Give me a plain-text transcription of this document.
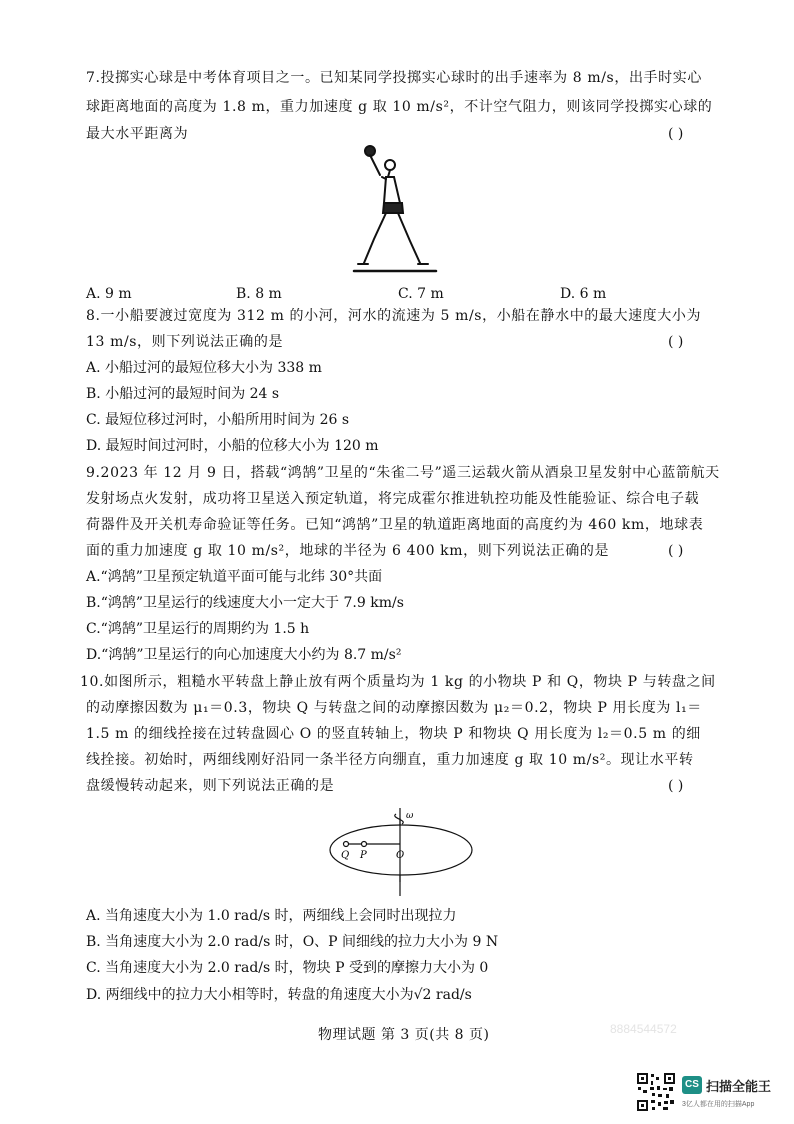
7.投掷实心球是中考体育项目之一。已知某同学投掷实心球时的出手速率为 8 m/s，出手时实心
球距离地面的高度为 1.8 m，重力加速度 g 取 10 m/s²，不计空气阻力，则该同学投掷实心球的
最大水平距离为	( )
A. 9 m	B. 8 m	C. 7 m	D. 6 m
8.一小船要渡过宽度为 312 m 的小河，河水的流速为 5 m/s，小船在静水中的最大速度大小为
13 m/s，则下列说法正确的是	( )
A. 小船过河的最短位移大小为 338 m
B. 小船过河的最短时间为 24 s
C. 最短位移过河时，小船所用时间为 26 s
D. 最短时间过河时，小船的位移大小为 120 m
9.2023 年 12 月 9 日，搭载“鸿鹄”卫星的“朱雀二号”遥三运载火箭从酒泉卫星发射中心蓝箭航天
发射场点火发射，成功将卫星送入预定轨道，将完成霍尔推进轨控功能及性能验证、综合电子载
荷器件及开关机寿命验证等任务。已知“鸿鹄”卫星的轨道距离地面的高度约为 460 km，地球表
面的重力加速度 g 取 10 m/s²，地球的半径为 6 400 km，则下列说法正确的是	( )
A.“鸿鹄”卫星预定轨道平面可能与北纬 30°共面
B.“鸿鹄”卫星运行的线速度大小一定大于 7.9 km/s
C.“鸿鹄”卫星运行的周期约为 1.5 h
D.“鸿鹄”卫星运行的向心加速度大小约为 8.7 m/s²
10.如图所示，粗糙水平转盘上静止放有两个质量均为 1 kg 的小物块 P 和 Q，物块 P 与转盘之间
的动摩擦因数为 μ₁＝0.3，物块 Q 与转盘之间的动摩擦因数为 μ₂＝0.2，物块 P 用长度为 l₁＝
1.5 m 的细线拴接在过转盘圆心 O 的竖直转轴上，物块 P 和物块 Q 用长度为 l₂＝0.5 m 的细
线拴接。初始时，两细线刚好沿同一条半径方向绷直，重力加速度 g 取 10 m/s²。现让水平转
盘缓慢转动起来，则下列说法正确的是	( )
ω
Q P	O
A. 当角速度大小为 1.0 rad/s 时，两细线上会同时出现拉力
B. 当角速度大小为 2.0 rad/s 时，O、P 间细线的拉力大小为 9 N
C. 当角速度大小为 2.0 rad/s 时，物块 P 受到的摩擦力大小为 0
D. 两细线中的拉力大小相等时，转盘的角速度大小为√2 rad/s
物理试题 第 3 页(共 8 页)	8884544572
CS 扫描全能王
3亿人都在用的扫描App
